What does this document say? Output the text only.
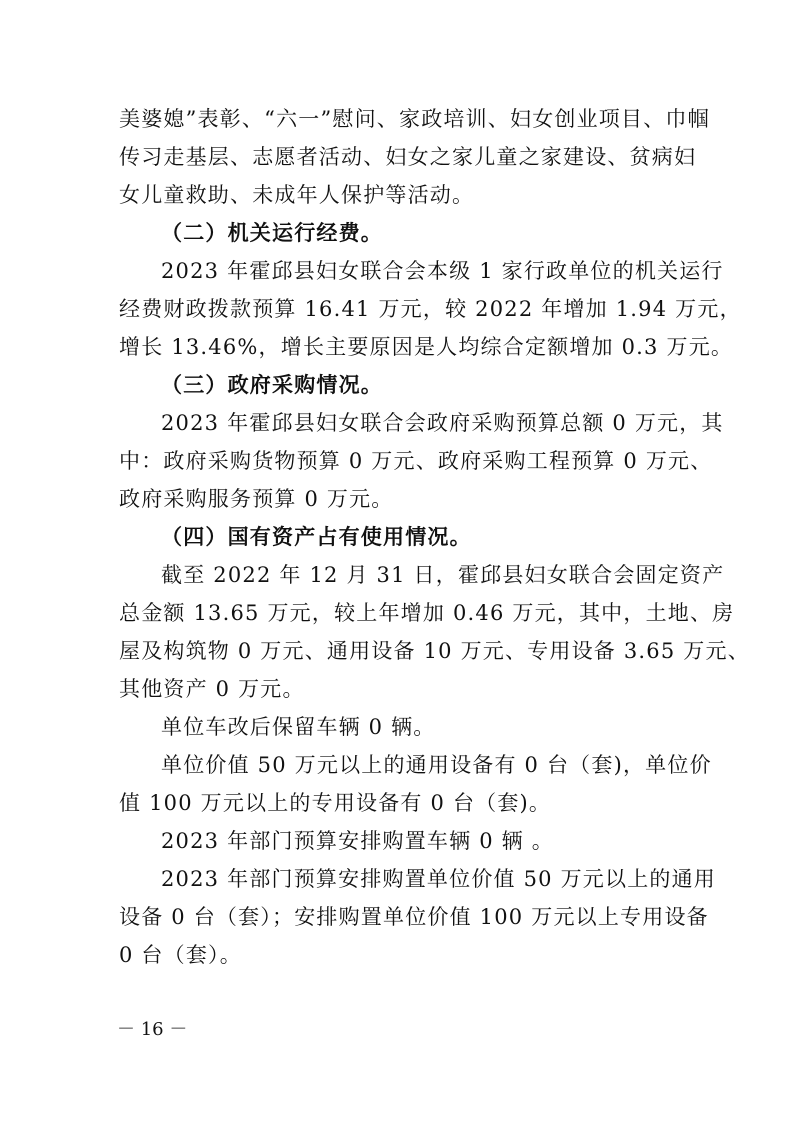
美婆媳”表彰、“六一”慰问、家政培训、妇女创业项目、巾帼
传习走基层、志愿者活动、妇女之家儿童之家建设、贫病妇
女儿童救助、未成年人保护等活动。
（二）机关运行经费。
2023 年霍邱县妇女联合会本级 1 家行政单位的机关运行
经费财政拨款预算 16.41 万元，较 2022 年增加 1.94 万元，
增长 13.46%，增长主要原因是人均综合定额增加 0.3 万元。
（三）政府采购情况。
2023 年霍邱县妇女联合会政府采购预算总额 0 万元，其
中：政府采购货物预算 0 万元、政府采购工程预算 0 万元、
政府采购服务预算 0 万元。
（四）国有资产占有使用情况。
截至 2022 年 12 月 31 日，霍邱县妇女联合会固定资产
总金额 13.65 万元，较上年增加 0.46 万元，其中，土地、房
屋及构筑物 0 万元、通用设备 10 万元、专用设备 3.65 万元、
其他资产 0 万元。
单位车改后保留车辆 0 辆。
单位价值 50 万元以上的通用设备有 0 台（套)，单位价
值 100 万元以上的专用设备有 0 台（套)。
2023 年部门预算安排购置车辆 0 辆 。
2023 年部门预算安排购置单位价值 50 万元以上的通用
设备 0 台（套）；安排购置单位价值 100 万元以上专用设备
0 台（套）。
－ 16 －
